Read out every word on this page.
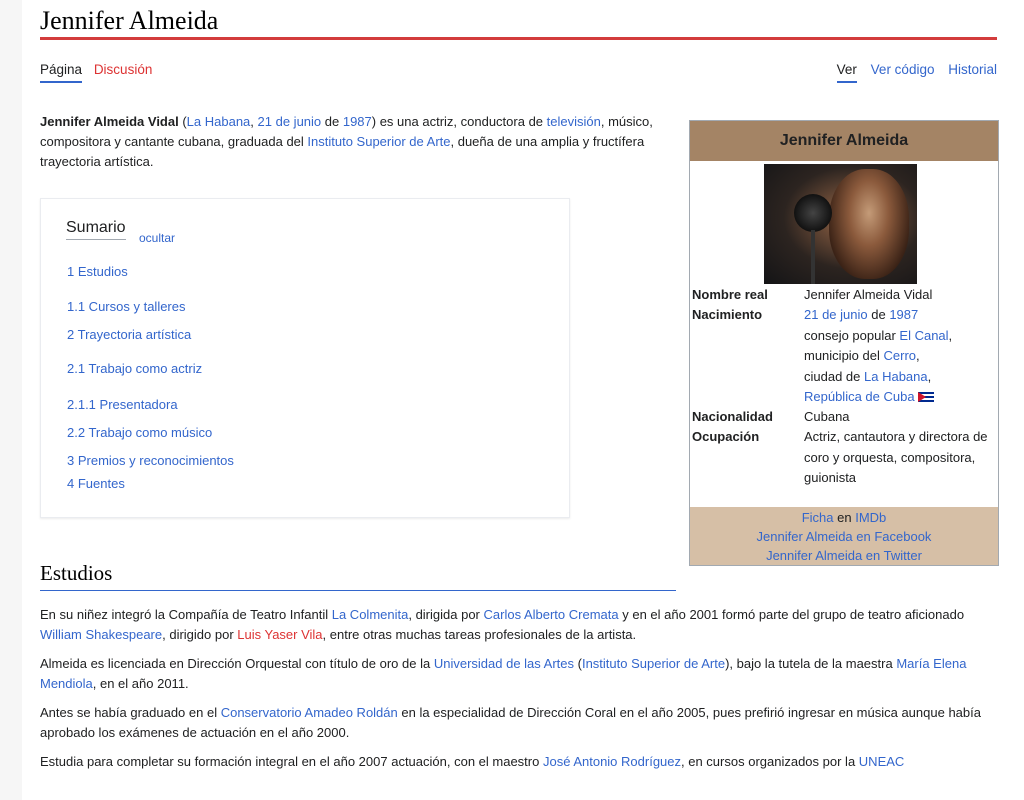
Jennifer Almeida
Página Discusión	Ver Ver código Historial

Jennifer Almeida Vidal (La Habana, 21 de junio de 1987) es una actriz, conductora de televisión, músico, compositora y cantante cubana, graduada del Instituto Superior de Arte, dueña de una amplia y fructífera trayectoria artística.

Sumario
ocultar
1 Estudios
1.1 Cursos y talleres
2 Trayectoria artística
2.1 Trabajo como actriz
2.1.1 Presentadora
2.2 Trabajo como músico
3 Premios y reconocimientos
4 Fuentes
Jennifer Almeida
Nombre real	Jennifer Almeida Vidal
Nacimiento	21 de junio de 1987
consejo popular El Canal,
municipio del Cerro,
ciudad de La Habana,
República de Cuba
Nacionalidad Cubana
Ocupación	Actriz, cantautora y directora de coro y orquesta, compositora, guionista
Ficha en IMDb
Jennifer Almeida en Facebook
Jennifer Almeida en Twitter
Estudios

En su niñez integró la Compañía de Teatro Infantil La Colmenita, dirigida por Carlos Alberto Cremata y en el año 2001 formó parte del grupo de teatro aficionado William Shakespeare, dirigido por Luis Yaser Vila, entre otras muchas tareas profesionales de la artista.

Almeida es licenciada en Dirección Orquestal con título de oro de la Universidad de las Artes (Instituto Superior de Arte), bajo la tutela de la maestra María Elena Mendiola, en el año 2011.

Antes se había graduado en el Conservatorio Amadeo Roldán en la especialidad de Dirección Coral en el año 2005, pues prefirió ingresar en música aunque había aprobado los exámenes de actuación en el año 2000.

Estudia para completar su formación integral en el año 2007 actuación, con el maestro José Antonio Rodríguez, en cursos organizados por la UNEAC
